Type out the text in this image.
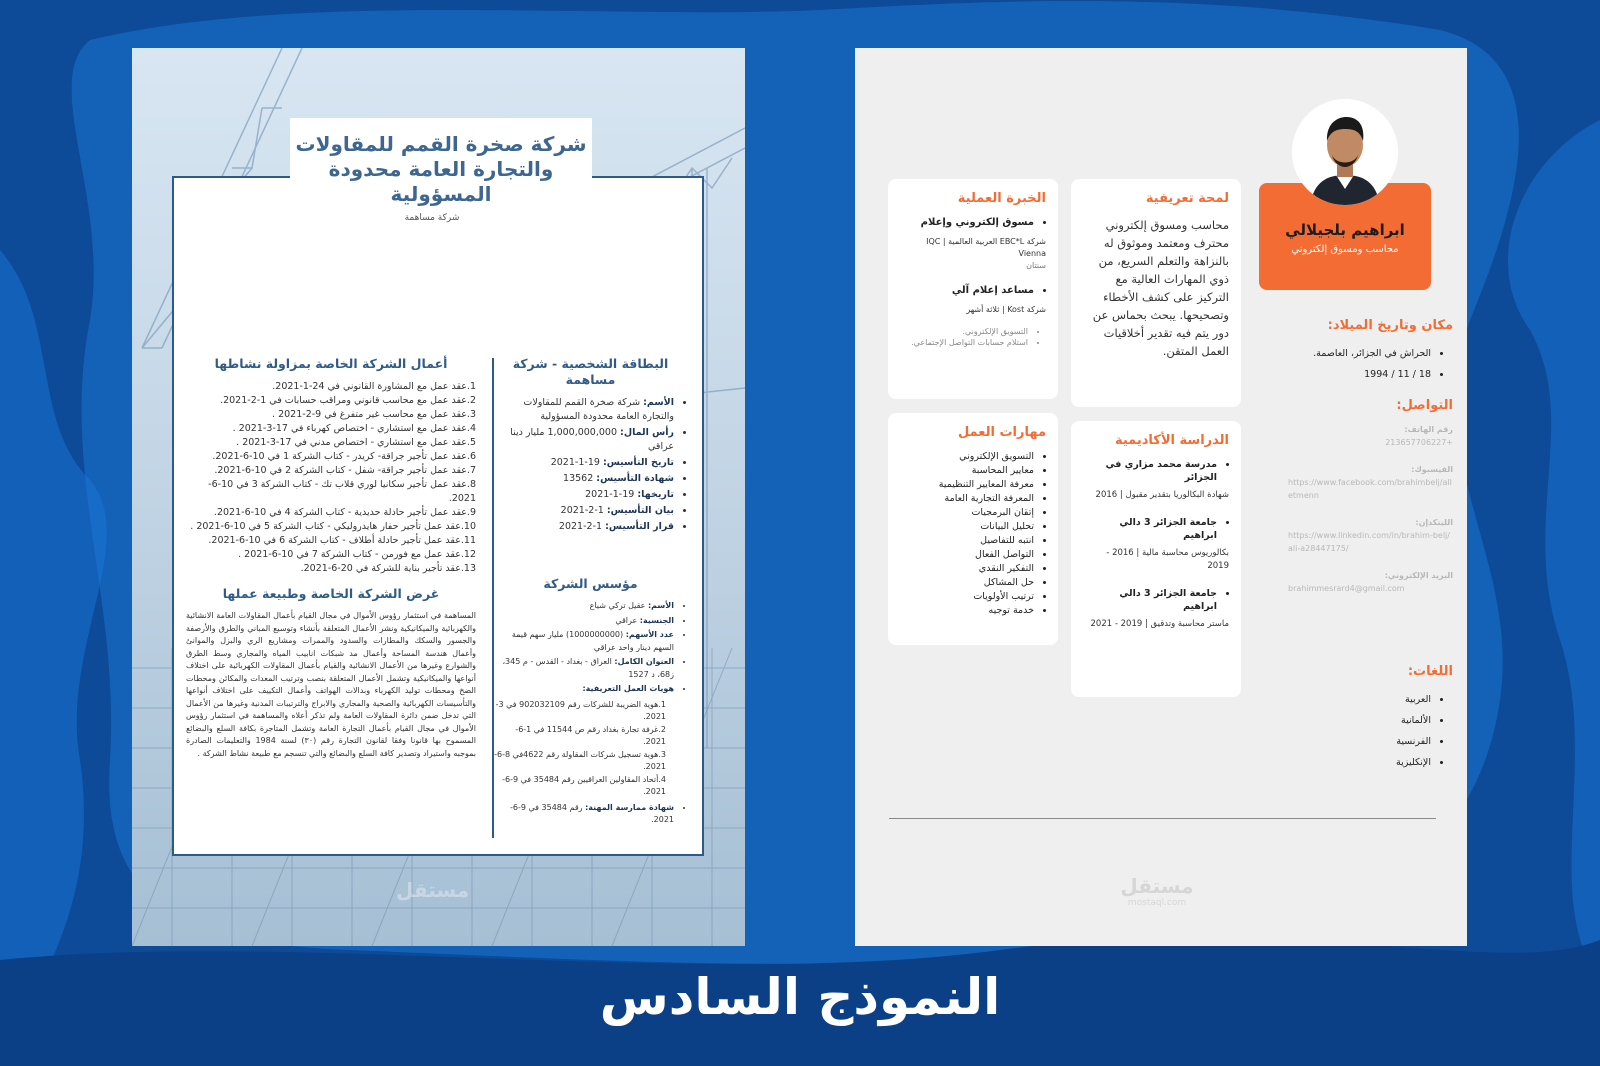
البطاقة الشخصية - شركة مساهمة
• الأسم: شركة صخرة القمم للمقاولات والتجارة العامة محدودة المسؤولية
• رأس المال: 1,000,000,000 مليار دينا عراقي
• تاريخ التأسيس: 19-1-2021
• شهادة التأسيس: 13562
• تاريخها: 19-1-2021
• بيان التأسيس: 1-2-2021
• قرار التأسيس: 1-2-2021
مؤسس الشركة
• الأسم: عقيل تركي شياع
• الجنسية: عراقي
• عدد الأسهم: (1000000000) مليار سهم قيمة السهم دينار واحد عراقي
• العنوان الكامل: العراق - بغداد - القدس - م 345، ز68، د 1527
• هويات العمل التعريفية:
1.هوية الضريبة للشركات رقم 902032109 في 3-2021.
2.غرفة تجارة بغداد رقم ص 11544 في 1-6-2021.
3.هوية تسجيل شركات المقاولة رقم 4622في 8-6-2021.
4.أتحاد المقاولين العراقيين رقم 35484 في 9-6-2021.
• شهادة ممارسة المهنة: رقم 35484 في 9-6-2021.
أعمال الشركة الخاصة بمزاولة نشاطها
1.عقد عمل مع المشاورة القانوني في 24-1-2021.
2.عقد عمل مع محاسب قانوني ومراقب حسابات في 1-2-2021.
3.عقد عمل مع محاسب غير متفرغ في 9-2-2021 .
4.عقد عمل مع استشاري - اختصاص كهرباء في 17-3-2021 .
5.عقد عمل مع استشاري - اختصاص مدني في 17-3-2021 .
6.عقد عمل تأجير جراقة- كريدر - كتاب الشركة 1 في 10-6-2021.
7.عقد عمل تأجير جراقة- شفل - كتاب الشركة 2 في 10-6-2021.
8.عقد عمل تأجير سكانيا لوري قلاب تك - كتاب الشركة 3 في 10-6-2021.
9.عقد عمل تأجير حادلة حديدية - كتاب الشركة 4 في 10-6-2021.
10.عقد عمل تأجير حفار هايدروليكي - كتاب الشركة 5 في 10-6-2021 .
11.عقد عمل تأجير حادلة أطلاف - كتاب الشركة 6 في 10-6-2021.
12.عقد عمل مع فورمن - كتاب الشركة 7 في 10-6-2021 .
13.عقد تأجير بناية للشركة في 20-6-2021.
غرض الشركة الخاصة وطبيعة عملها

المساهمة في استثمار رؤوس الأموال في مجال القيام بأعمال المقاولات العامة الانشائية والكهربائية والميكانيكية ونشر الأعمال المتعلقة بأنشاء وتوسيع المباني والطرق والأرصفة والجسور والسكك والمطارات والسدود والممرات ومشاريع الري والبزل والموانئ وأعمال هندسة المساحة وأعمال مد شبكات انابيب المياه والمجاري وسط الطرق والشوارع وغيرها من الأعمال الانشائية والقيام بأعمال المقاولات الكهربائية على اختلاف أنواعها والميكانيكية وتشمل الأعمال المتعلقة بنصب وترتيب المعدات والمكائن ومحطات الضخ ومحطات توليد الكهرباء وبدالات الهواتف وأعمال التكييف على اختلاف أنواعها والتأسيسات الكهربائية والصحية والمجاري والابراج والترتيبات المدنية وغيرها من الأعمال التي تدخل ضمن دائرة المقاولات العامة ولم تذكر أعلاه والمساهمة في استثمار رؤوس الأموال في مجال القيام بأعمال التجارة العامة وتشمل المتاجرة بكافة السلع والبضائع المسموح بها قانونا وفقا لقانون التجارة رقم (٣٠) لسنة 1984 والتعليمات الصادرة بموجبه واستيراد وتصدير كافة السلع والبضائع والتي تنسجم مع طبيعة نشاط الشركة .

شركة صخرة القمم للمقاولات والتجارة العامة محدودة المسؤولية
شركة مساهمة
مستقل
ابراهيم بلجيلالي
محاسب ومسوق إلكتروني
لمحة تعريفية

محاسب ومسوق إلكتروني محترف ومعتمد وموثوق له بالنزاهة والتعلم السريع، من ذوي المهارات العالية مع التركيز على كشف الأخطاء وتصحيحها. يبحث بحماس عن دور يتم فيه تقدير أخلاقيات العمل المتقن.

الخبرة العملية
• مسوق إلكتروني وإعلام
شركة EBC*L العربية العالمية | IQC Vienna
سنتان
• مساعد إعلام آلي
شركة Kost | ثلاثة أشهر
• التسويق الإلكتروني.
• استلام حسابات التواصل الإجتماعي.
الدراسة الأكاديمية
• مدرسة محمد مزاري في الجزائر
شهادة البكالوريا بتقدير مقبول | 2016
• جامعة الجزائر 3 دالي ابراهيم
بكالوريوس محاسبة مالية | 2016 - 2019
• جامعة الجزائر 3 دالي ابراهيم
ماستر محاسبة وتدقيق | 2019 - 2021
مهارات العمل
• التسويق الإلكتروني
• معايير المحاسبة
• معرفة المعايير التنظيمية
• المعرفة التجارية العامة
• إتقان البرمجيات
• تحليل البيانات
• انتبه للتفاصيل
• التواصل الفعال
• التفكير النقدي
• حل المشاكل
• ترتيب الأولويات
• خدمة توجيه
مكان وتاريخ الميلاد:
• الحراش في الجزائر، العاصمة.
• 18 / 11 / 1994
التواصل:
رقم الهاتف:
+213657706227
الفيسبوك:
https://www.facebook.com/brahimbelj/alletmenn
اللينكدإن:
https://www.linkedin.com/in/brahim-belj/ali-a28447175/
البريد الإلكتروني:
brahimmesrard4@gmail.com
اللغات:
• العربية
• الألمانية
• الفرنسية
• الإنكليزية
مستقل
mostaql.com
النموذج السادس
